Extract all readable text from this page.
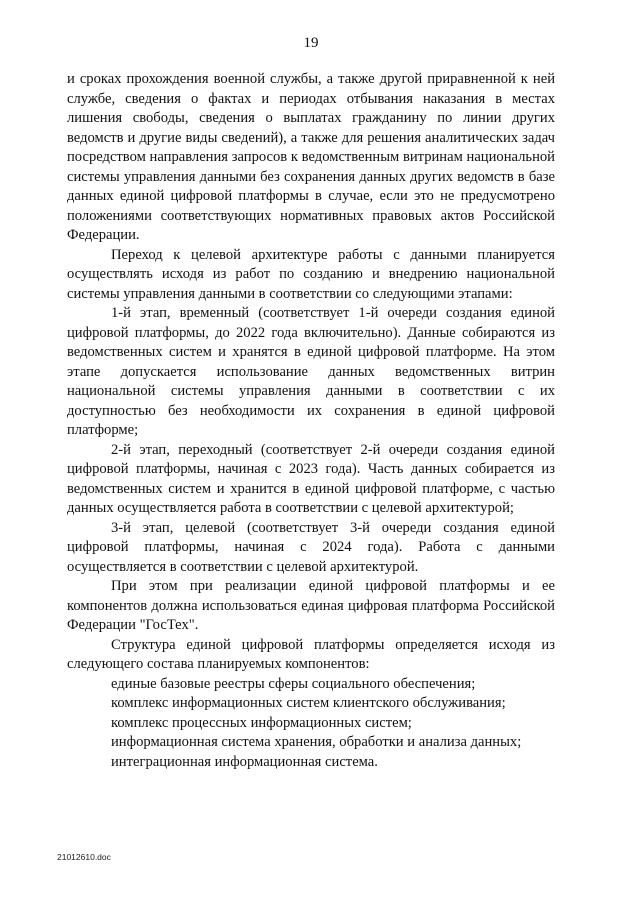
19

и сроках прохождения военной службы, а также другой приравненной к ней службе, сведения о фактах и периодах отбывания наказания в местах лишения свободы, сведения о выплатах гражданину по линии других ведомств и другие виды сведений), а также для решения аналитических задач посредством направления запросов к ведомственным витринам национальной системы управления данными без сохранения данных других ведомств в базе данных единой цифровой платформы в случае, если это не предусмотрено положениями соответствующих нормативных правовых актов Российской Федерации.

Переход к целевой архитектуре работы с данными планируется осуществлять исходя из работ по созданию и внедрению национальной системы управления данными в соответствии со следующими этапами:

1-й этап, временный (соответствует 1-й очереди создания единой цифровой платформы, до 2022 года включительно). Данные собираются из ведомственных систем и хранятся в единой цифровой платформе. На этом этапе допускается использование данных ведомственных витрин национальной системы управления данными в соответствии с их доступностью без необходимости их сохранения в единой цифровой платформе;

2-й этап, переходный (соответствует 2-й очереди создания единой цифровой платформы, начиная с 2023 года). Часть данных собирается из ведомственных систем и хранится в единой цифровой платформе, с частью данных осуществляется работа в соответствии с целевой архитектурой;

3-й этап, целевой (соответствует 3-й очереди создания единой цифровой платформы, начиная с 2024 года). Работа с данными осуществляется в соответствии с целевой архитектурой.

При этом при реализации единой цифровой платформы и ее компонентов должна использоваться единая цифровая платформа Российской Федерации "ГосТех".

Структура единой цифровой платформы определяется исходя из следующего состава планируемых компонентов:

единые базовые реестры сферы социального обеспечения;

комплекс информационных систем клиентского обслуживания;

комплекс процессных информационных систем;

информационная система хранения, обработки и анализа данных;

интеграционная информационная система.

21012610.doc
